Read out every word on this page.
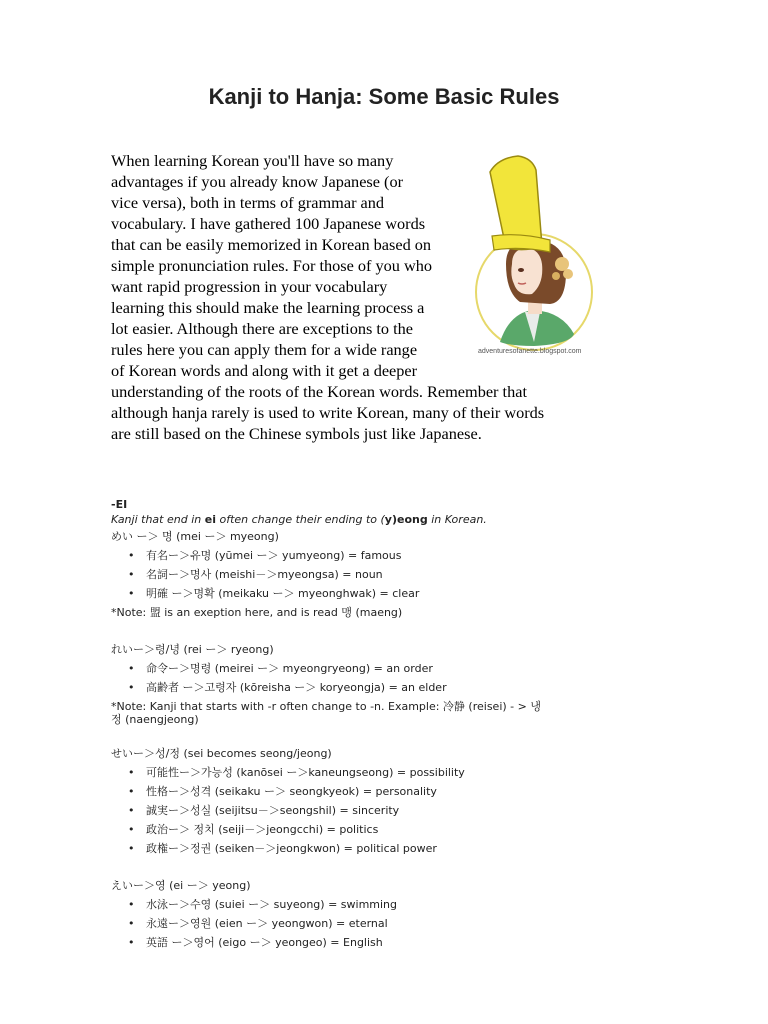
Kanji to Hanja: Some Basic Rules
When learning Korean you'll have so many
advantages if you already know Japanese (or
vice versa), both in terms of grammar and
vocabulary. I have gathered 100 Japanese words
that can be easily memorized in Korean based on
simple pronunciation rules. For those of you who
want rapid progression in your vocabulary
learning this should make the learning process a
lot easier. Although there are exceptions to the
rules here you can apply them for a wide range
of Korean words and along with it get a deeper
adventuresofanette.blogspot.com
understanding of the roots of the Korean words. Remember that
although hanja rarely is used to write Korean, many of their words
are still based on the Chinese symbols just like Japanese.
-EI
Kanji that end in ei often change their ending to (y)eong in Korean.
めい ー＞ 명 (mei ー＞ myeong)
• 有名ー＞유명 (yūmei ー＞ yumyeong) = famous
• 名詞ー＞명사 (meishi－＞myeongsa) = noun
• 明確 ー＞명확 (meikaku ー＞ myeonghwak) = clear
*Note: 盟 is an exeption here, and is read 맹 (maeng)
れいー＞령/녕 (rei ー＞ ryeong)
• 命令ー＞명령 (meirei ー＞ myeongryeong) = an order
• 高齢者 ー＞고령자 (kōreisha ー＞ koryeongja) = an elder
*Note: Kanji that starts with -r often change to -n. Example: 冷静 (reisei) - > 냉정 (naengjeong)
せいー＞성/정 (sei becomes seong/jeong)
• 可能性ー＞가능성 (kanōsei ー＞kaneungseong) = possibility
• 性格ー＞성격 (seikaku ー＞ seongkyeok) = personality
• 誠実ー＞성실 (seijitsu－＞seongshil) = sincerity
• 政治ー＞ 정치 (seiji－＞jeongcchi) = politics
• 政権ー＞정권 (seiken－＞jeongkwon) = political power
えいー＞영 (ei ー＞ yeong)
• 水泳ー＞수영 (suiei ー＞ suyeong) = swimming
• 永遠ー＞영원 (eien ー＞ yeongwon) = eternal
• 英語 ー＞영어 (eigo ー＞ yeongeo) = English
